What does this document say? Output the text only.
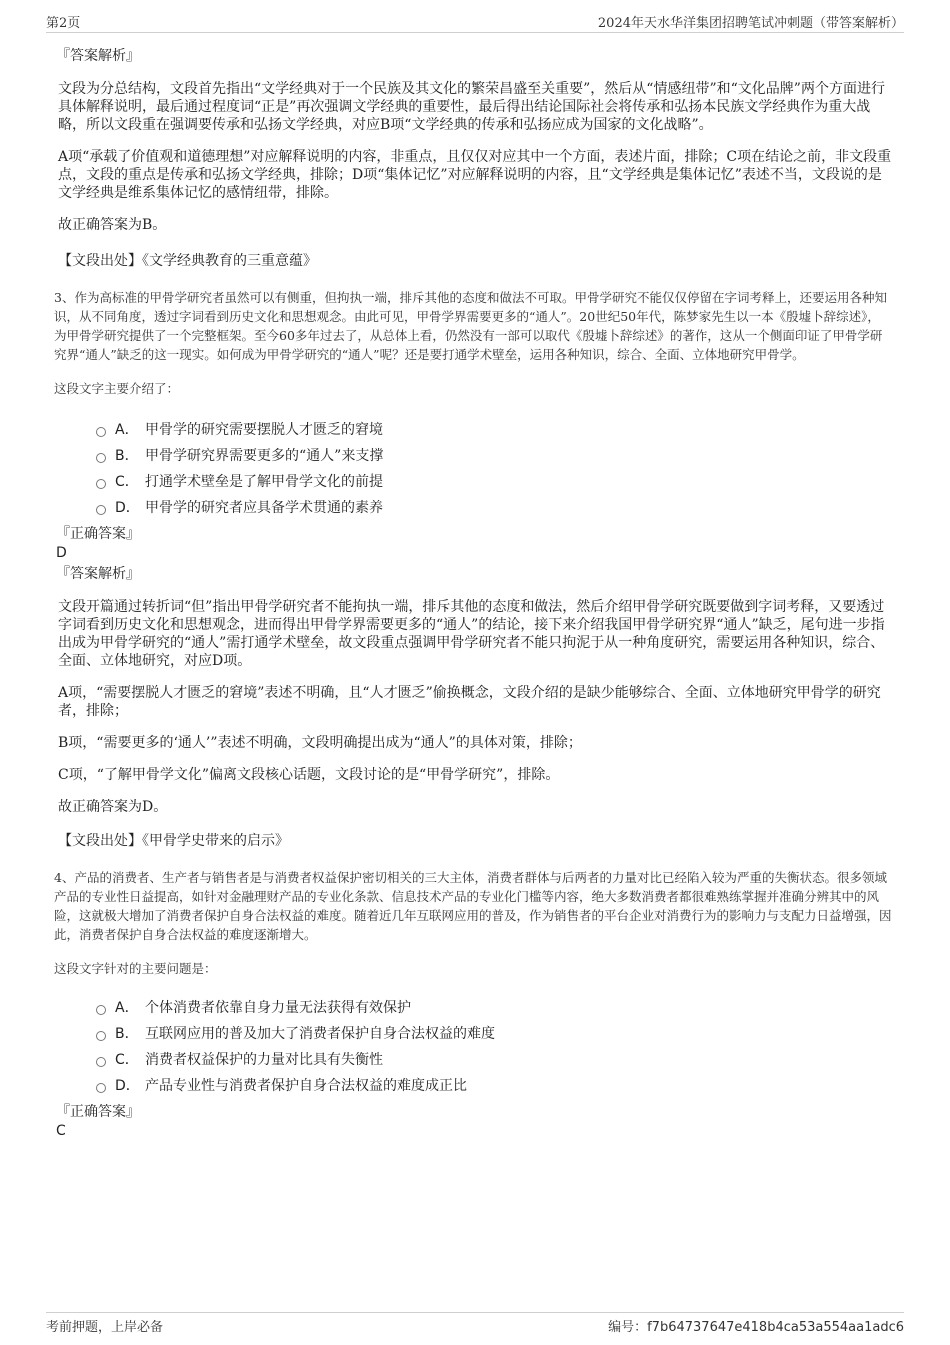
第2页	2024年天水华洋集团招聘笔试冲刺题（带答案解析）

『答案解析』

文段为分总结构，文段首先指出“文学经典对于一个民族及其文化的繁荣昌盛至关重要”，然后从“情感纽带”和“文化品牌”两个方面进行具体解释说明，最后通过程度词“正是”再次强调文学经典的重要性，最后得出结论国际社会将传承和弘扬本民族文学经典作为重大战略，所以文段重在强调要传承和弘扬文学经典，对应B项“文学经典的传承和弘扬应成为国家的文化战略”。

A项“承载了价值观和道德理想”对应解释说明的内容，非重点，且仅仅对应其中一个方面，表述片面，排除；C项在结论之前，非文段重点，文段的重点是传承和弘扬文学经典，排除；D项“集体记忆”对应解释说明的内容，且“文学经典是集体记忆”表述不当，文段说的是文学经典是维系集体记忆的感情纽带，排除。

故正确答案为B。

【文段出处】《文学经典教育的三重意蕴》

3、作为高标准的甲骨学研究者虽然可以有侧重，但拘执一端，排斥其他的态度和做法不可取。甲骨学研究不能仅仅停留在字词考释上，还要运用各种知识，从不同角度，透过字词看到历史文化和思想观念。由此可见，甲骨学界需要更多的“通人”。20世纪50年代，陈梦家先生以一本《殷墟卜辞综述》，为甲骨学研究提供了一个完整框架。至今60多年过去了，从总体上看，仍然没有一部可以取代《殷墟卜辞综述》的著作，这从一个侧面印证了甲骨学研究界“通人”缺乏的这一现实。如何成为甲骨学研究的“通人”呢？还是要打通学术壁垒，运用各种知识，综合、全面、立体地研究甲骨学。

这段文字主要介绍了：

A． 甲骨学的研究需要摆脱人才匮乏的窘境
B． 甲骨学研究界需要更多的“通人”来支撑
C． 打通学术壁垒是了解甲骨学文化的前提
D． 甲骨学的研究者应具备学术贯通的素养

『正确答案』

D

『答案解析』

文段开篇通过转折词“但”指出甲骨学研究者不能拘执一端，排斥其他的态度和做法，然后介绍甲骨学研究既要做到字词考释，又要透过字词看到历史文化和思想观念，进而得出甲骨学界需要更多的“通人”的结论，接下来介绍我国甲骨学研究界“通人”缺乏，尾句进一步指出成为甲骨学研究的“通人”需打通学术壁垒，故文段重点强调甲骨学研究者不能只拘泥于从一种角度研究，需要运用各种知识，综合、全面、立体地研究，对应D项。

A项，“需要摆脱人才匮乏的窘境”表述不明确，且“人才匮乏”偷换概念，文段介绍的是缺少能够综合、全面、立体地研究甲骨学的研究者，排除；

B项，“需要更多的‘通人’”表述不明确，文段明确提出成为“通人”的具体对策，排除；

C项，“了解甲骨学文化”偏离文段核心话题，文段讨论的是“甲骨学研究”，排除。

故正确答案为D。

【文段出处】《甲骨学史带来的启示》

4、产品的消费者、生产者与销售者是与消费者权益保护密切相关的三大主体，消费者群体与后两者的力量对比已经陷入较为严重的失衡状态。很多领域产品的专业性日益提高，如针对金融理财产品的专业化条款、信息技术产品的专业化门槛等内容，绝大多数消费者都很难熟练掌握并准确分辨其中的风险，这就极大增加了消费者保护自身合法权益的难度。随着近几年互联网应用的普及，作为销售者的平台企业对消费行为的影响力与支配力日益增强，因此，消费者保护自身合法权益的难度逐渐增大。

这段文字针对的主要问题是：

A． 个体消费者依靠自身力量无法获得有效保护
B． 互联网应用的普及加大了消费者保护自身合法权益的难度
C． 消费者权益保护的力量对比具有失衡性
D． 产品专业性与消费者保护自身合法权益的难度成正比

『正确答案』

C

考前押题，上岸必备	编号：f7b64737647e418b4ca53a554aa1adc6
